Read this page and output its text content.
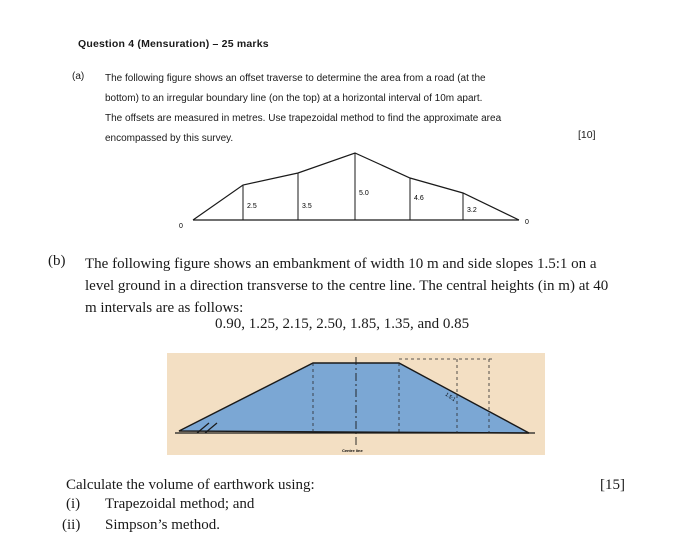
Question 4 (Mensuration) – 25 marks
(a) The following figure shows an offset traverse to determine the area from a road (at the

bottom) to an irregular boundary line (on the top) at a horizontal interval of 10m apart.

The offsets are measured in metres. Use trapezoidal method to find the approximate area

encompassed by this survey.	[10]
0
2.5	3.5
5.0
4.6
3.2
0
(b) The following figure shows an embankment of width 10 m and side slopes 1.5:1 on a

level ground in a direction transverse to the centre line. The central heights (in m) at 40

m intervals are as follows:

0.90, 1.25, 2.15, 2.50, 1.85, 1.35, and 0.85
1.5:1
Centre line
Calculate the volume of earthwork using:	[15]
(i) Trapezoidal method; and
(ii) Simpson’s method.
